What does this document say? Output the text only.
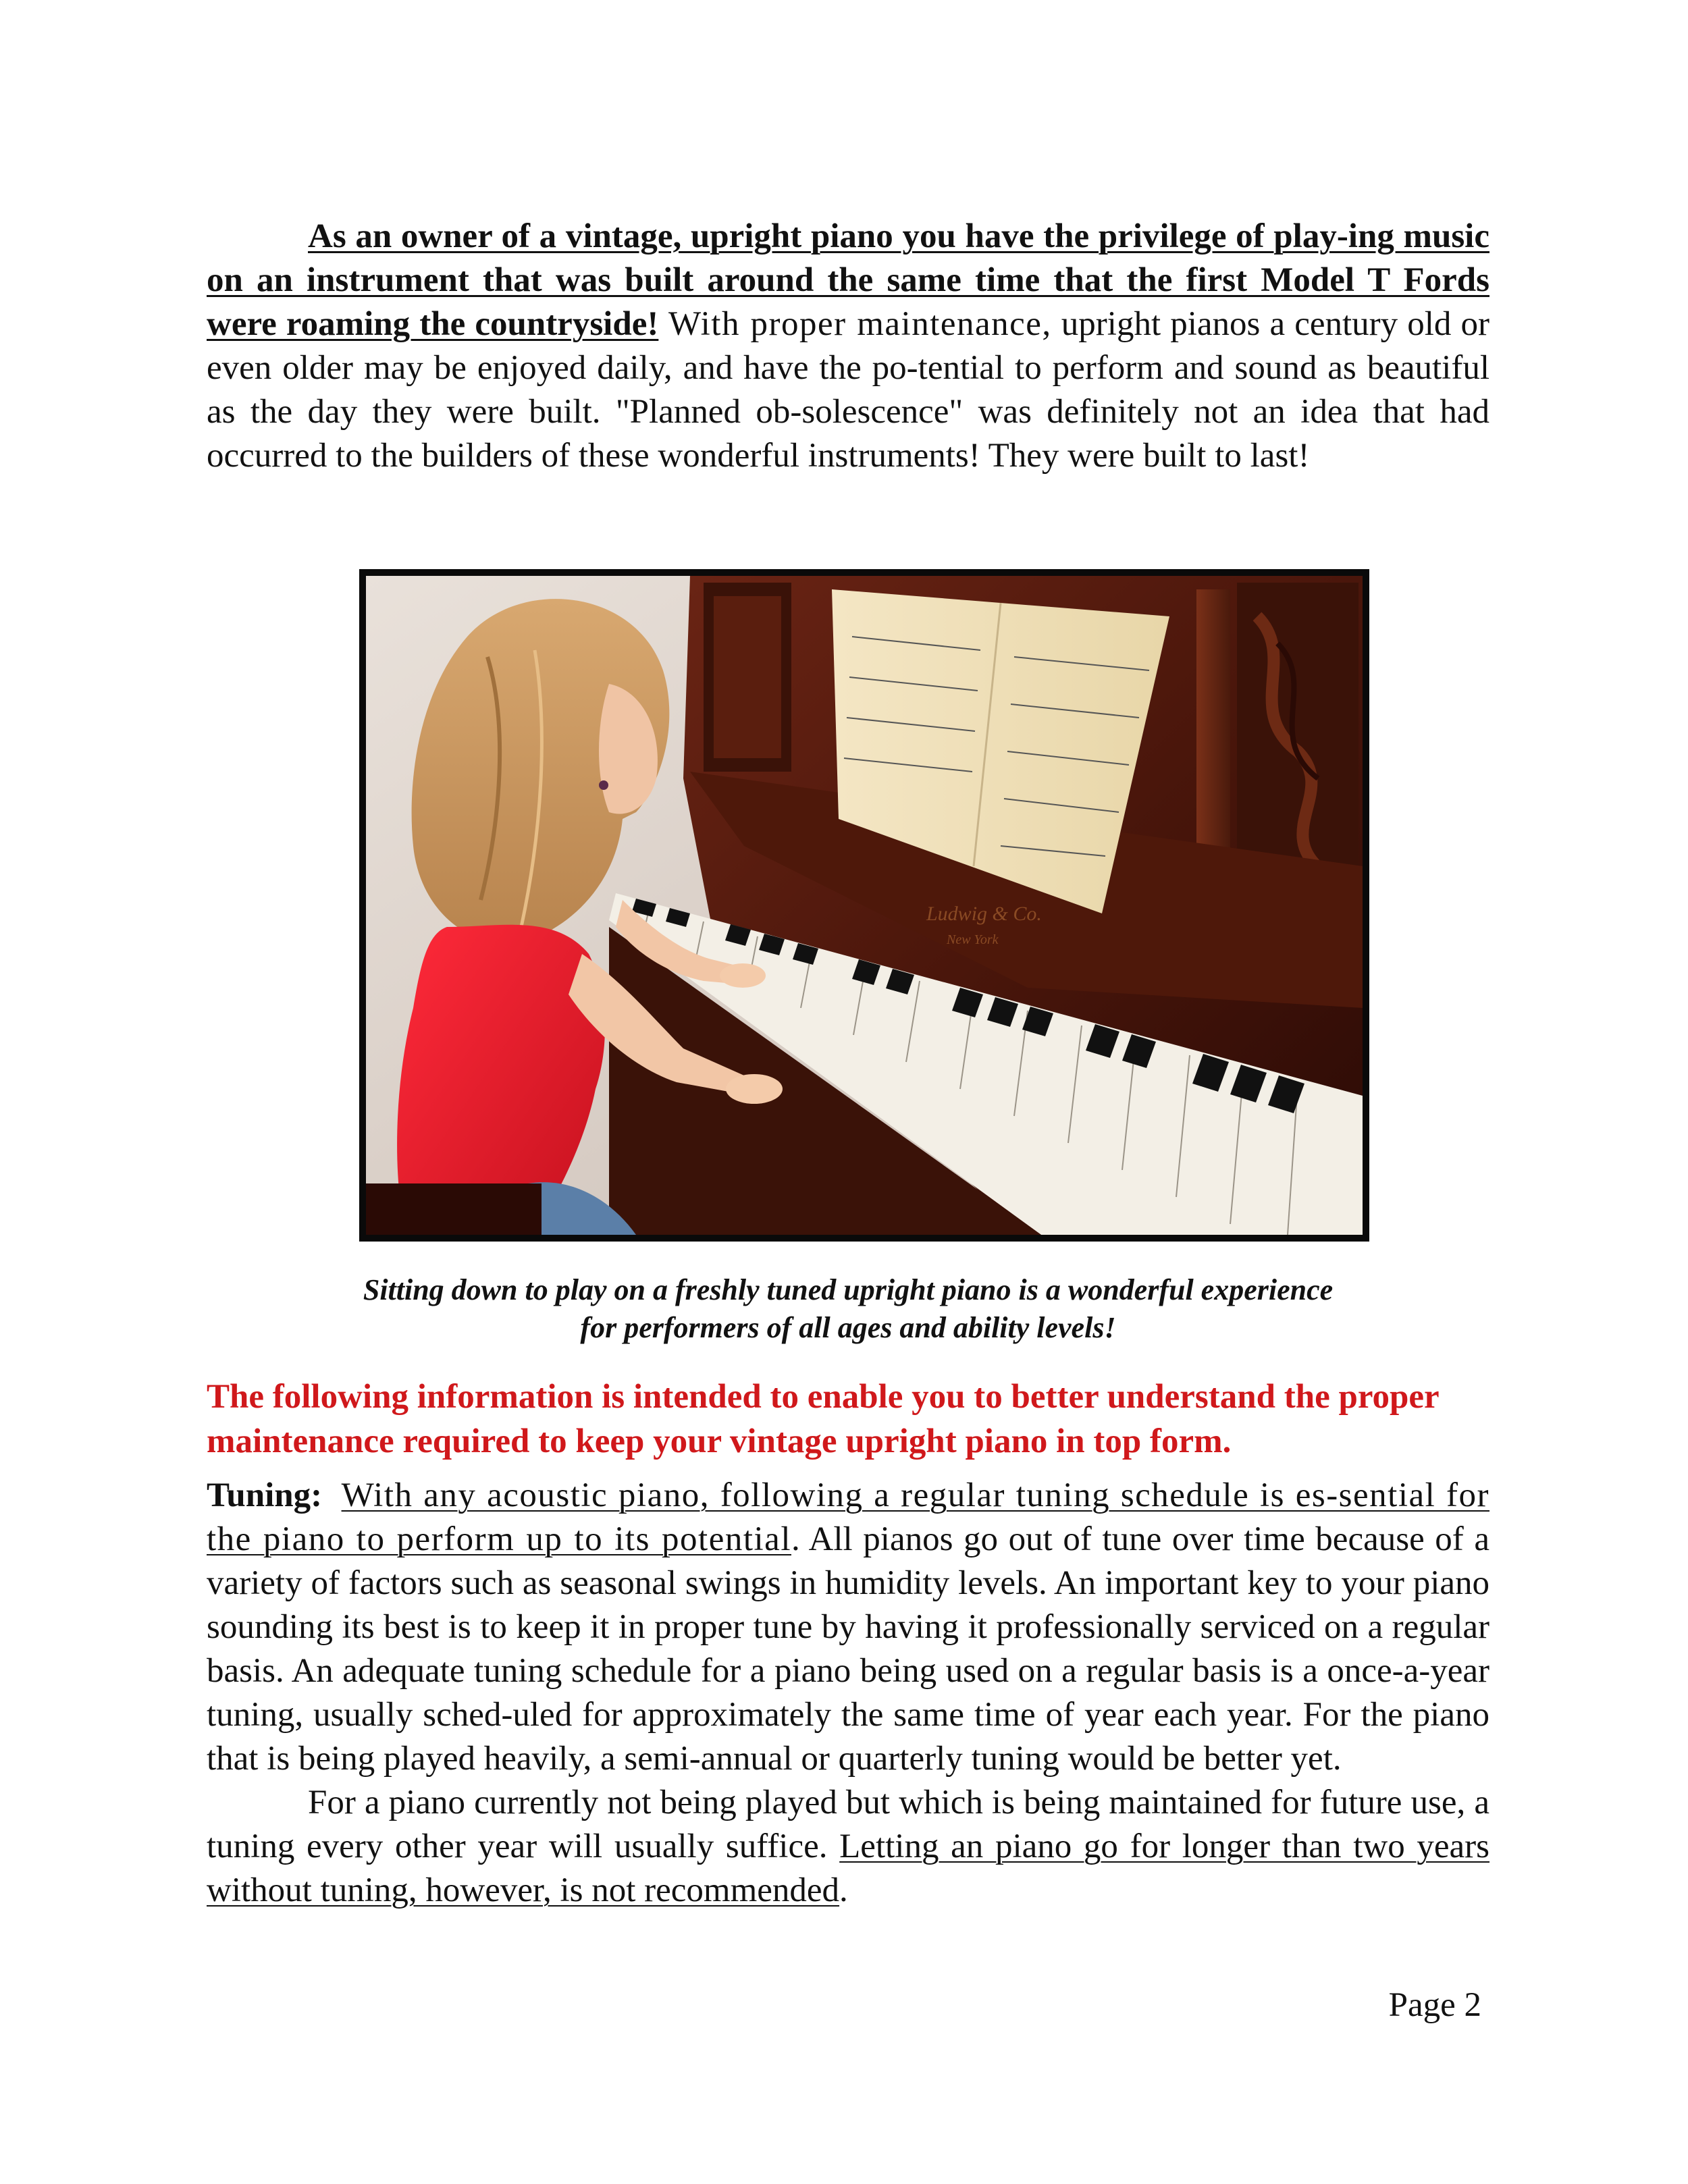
As an owner of a vintage, upright piano you have the privilege of play-ing music on an instrument that was built around the same time that the first Model T Fords were roaming the countryside! With proper maintenance, upright pianos a century old or even older may be enjoyed daily, and have the po-tential to perform and sound as beautiful as the day they were built. "Planned ob-solescence" was definitely not an idea that had occurred to the builders of these wonderful instruments! They were built to last!

Ludwig & Co.
New York
Sitting down to play on a freshly tuned upright piano is a wonderful experience
for performers of all ages and ability levels!

The following information is intended to enable you to better understand the proper maintenance required to keep your vintage upright piano in top form.

Tuning: With any acoustic piano, following a regular tuning schedule is es-sential for the piano to perform up to its potential. All pianos go out of tune over time because of a variety of factors such as seasonal swings in humidity levels. An important key to your piano sounding its best is to keep it in proper tune by having it professionally serviced on a regular basis. An adequate tuning schedule for a piano being used on a regular basis is a once-a-year tuning, usually sched-uled for approximately the same time of year each year. For the piano that is being played heavily, a semi-annual or quarterly tuning would be better yet.

For a piano currently not being played but which is being maintained for future use, a tuning every other year will usually suffice. Letting an piano go for longer than two years without tuning, however, is not recommended.

Page 2
